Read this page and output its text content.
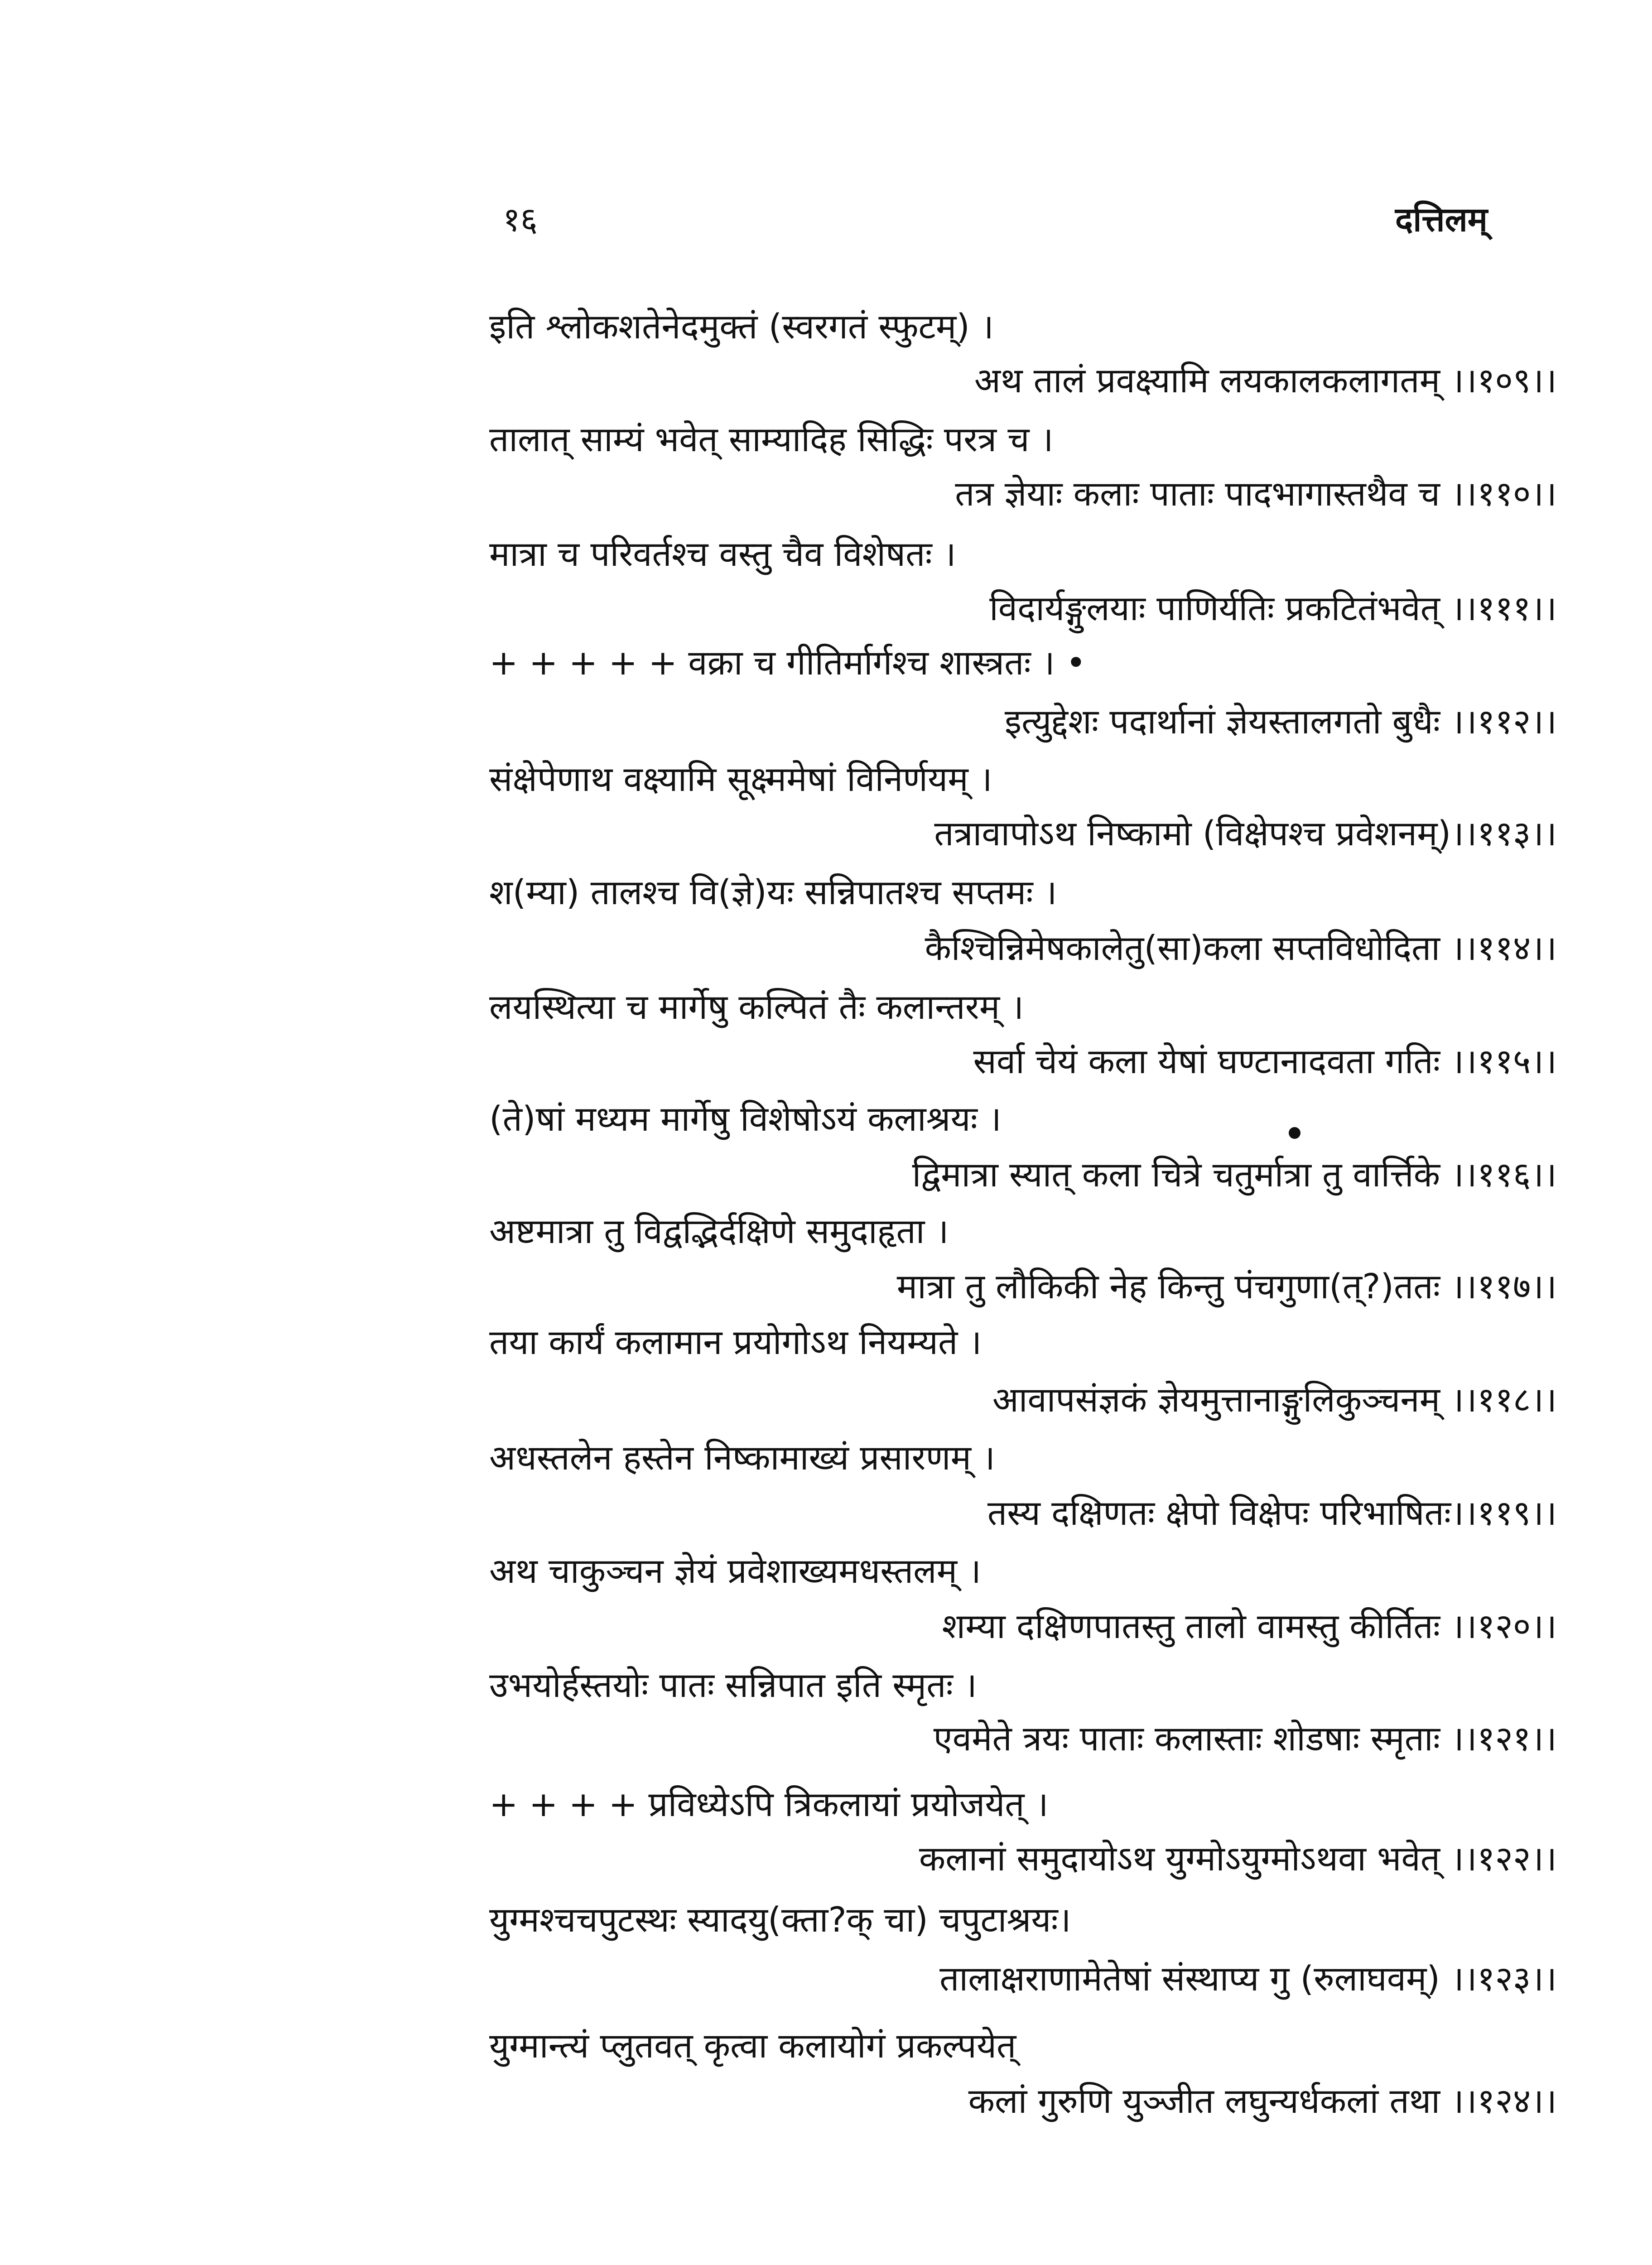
१६	दत्तिलम्
इति श्लोकशतेनेदमुक्तं (स्वरगतं स्फुटम्) ।
अथ तालं प्रवक्ष्यामि लयकालकलागतम् ।।१०९।।
तालात् साम्यं भवेत् साम्यादिह सिद्धिः परत्र च ।
तत्र ज्ञेयाः कलाः पाताः पादभागास्तथैव च ।।११०।।
मात्रा च परिवर्तश्च वस्तु चैव विशेषतः ।
विदार्यङ्गुलयाः पाणिर्यतिः प्रकटितंभवेत् ।।१११।।
+ + + + + वक्रा च गीतिर्मार्गश्च शास्त्रतः । •
इत्युद्देशः पदार्थानां ज्ञेयस्तालगतो बुधैः ।।११२।।
संक्षेपेणाथ वक्ष्यामि सूक्ष्ममेषां विनिर्णयम् ।
तत्रावापोऽथ निष्कामो (विक्षेपश्च प्रवेशनम्)।।११३।।
श(म्या) तालश्च वि(ज्ञे)यः सन्निपातश्च सप्तमः ।
कैश्चिन्निमेषकालेतु(सा)कला सप्तविधोदिता ।।११४।।
लयस्थित्या च मार्गेषु कल्पितं तैः कलान्तरम् ।
सर्वा चेयं कला येषां घण्टानादवता गतिः ।।११५।।
(ते)षां मध्यम मार्गेषु विशेषोऽयं कलाश्रयः ।
द्विमात्रा स्यात् कला चित्रे चतुर्मात्रा तु वार्त्तिके ।।११६।।
अष्टमात्रा तु विद्वद्भिर्दक्षिणे समुदाहृता ।
मात्रा तु लौकिकी नेह किन्तु पंचगुणा(त्?)ततः ।।११७।।
तया कार्यं कलामान प्रयोगोऽथ नियम्यते ।
आवापसंज्ञकं ज्ञेयमुत्तानाङ्गुलिकुञ्चनम् ।।११८।।
अधस्तलेन हस्तेन निष्कामाख्यं प्रसारणम् ।
तस्य दक्षिणतः क्षेपो विक्षेपः परिभाषितः।।११९।।
अथ चाकुञ्चन ज्ञेयं प्रवेशाख्यमधस्तलम् ।
शम्या दक्षिणपातस्तु तालो वामस्तु कीर्तितः ।।१२०।।
उभयोर्हस्तयोः पातः सन्निपात इति स्मृतः ।
एवमेते त्रयः पाताः कलास्ताः शोडषाः स्मृताः ।।१२१।।
+ + + + प्रविध्येऽपि त्रिकलायां प्रयोजयेत् ।
कलानां समुदायोऽथ युग्मोऽयुग्मोऽथवा भवेत् ।।१२२।।
युग्मश्चचपुटस्थः स्यादयु(क्ता?क् चा) चपुटाश्रयः।
तालाक्षराणामेतेषां संस्थाप्य गु (रुलाघवम्) ।।१२३।।
युग्मान्त्यं प्लुतवत् कृत्वा कलायोगं प्रकल्पयेत्
कलां गुरुणि युञ्जीत लघुन्यर्धकलां तथा ।।१२४।।
